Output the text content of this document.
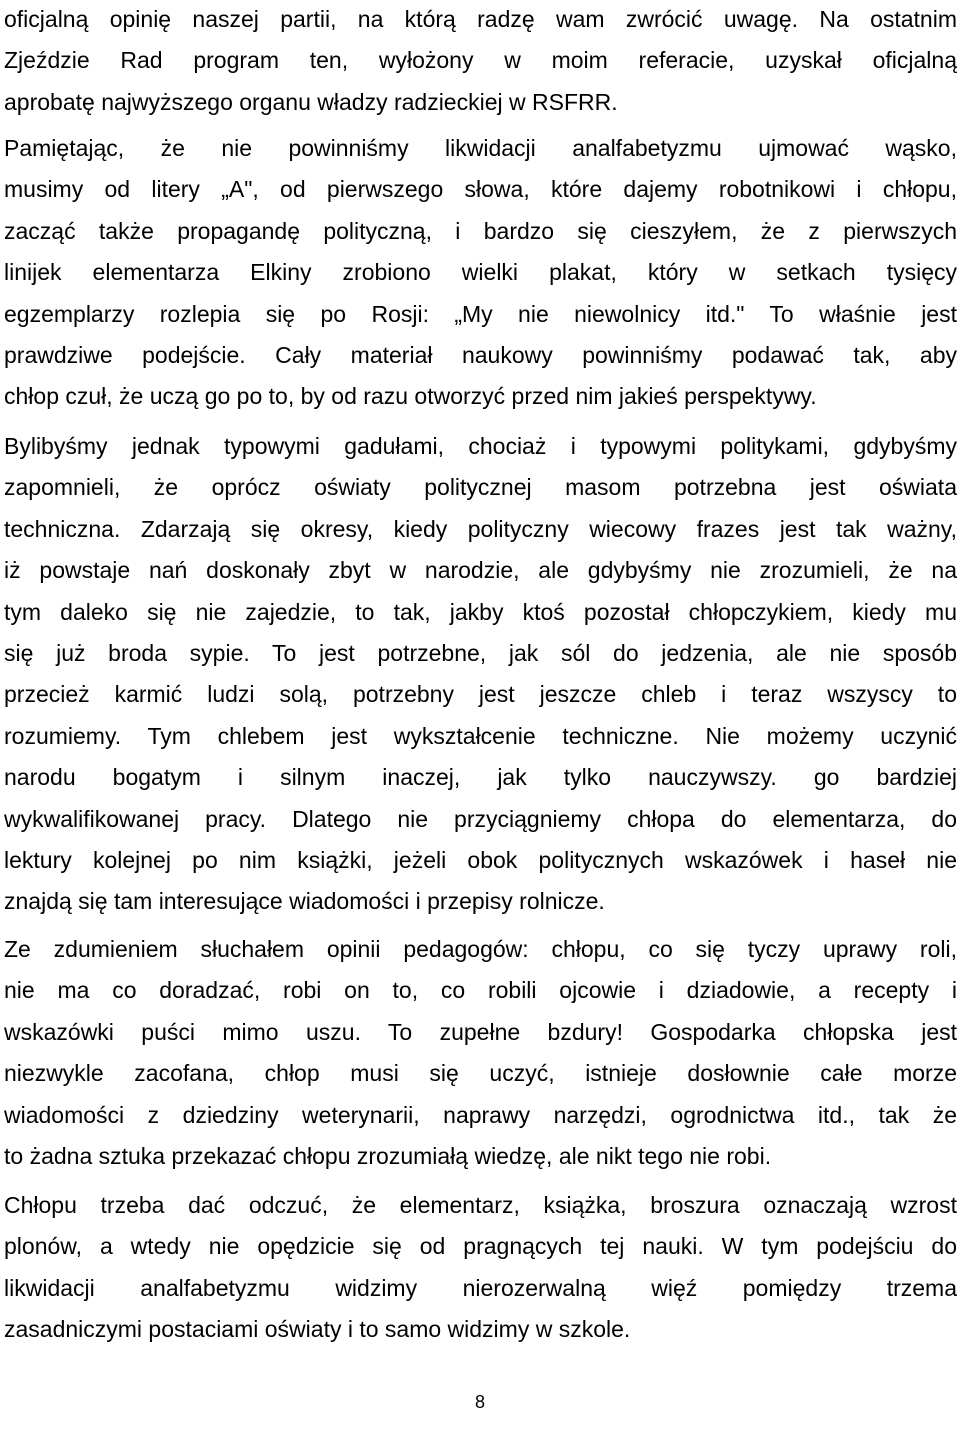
oficjalną opinię naszej partii, na którą radzę wam zwrócić uwagę. Na ostatnim
Zjeździe Rad program ten, wyłożony w moim referacie, uzyskał oficjalną
aprobatę najwyższego organu władzy radzieckiej w RSFRR.
Pamiętając, że nie powinniśmy likwidacji analfabetyzmu ujmować wąsko,
musimy od litery „A", od pierwszego słowa, które dajemy robotnikowi i chłopu,
zacząć także propagandę polityczną, i bardzo się cieszyłem, że z pierwszych
linijek elementarza Elkiny zrobiono wielki plakat, który w setkach tysięcy
egzemplarzy rozlepia się po Rosji: „My nie niewolnicy itd." To właśnie jest
prawdziwe podejście. Cały materiał naukowy powinniśmy podawać tak, aby
chłop czuł, że uczą go po to, by od razu otworzyć przed nim jakieś perspektywy.
Bylibyśmy jednak typowymi gadułami, chociaż i typowymi politykami, gdybyśmy
zapomnieli, że oprócz oświaty politycznej masom potrzebna jest oświata
techniczna. Zdarzają się okresy, kiedy polityczny wiecowy frazes jest tak ważny,
iż powstaje nań doskonały zbyt w narodzie, ale gdybyśmy nie zrozumieli, że na
tym daleko się nie zajedzie, to tak, jakby ktoś pozostał chłopczykiem, kiedy mu
się już broda sypie. To jest potrzebne, jak sól do jedzenia, ale nie sposób
przecież karmić ludzi solą, potrzebny jest jeszcze chleb i teraz wszyscy to
rozumiemy. Tym chlebem jest wykształcenie techniczne. Nie możemy uczynić
narodu bogatym i silnym inaczej, jak tylko nauczywszy. go bardziej
wykwalifikowanej pracy. Dlatego nie przyciągniemy chłopa do elementarza, do
lektury kolejnej po nim książki, jeżeli obok politycznych wskazówek i haseł nie
znajdą się tam interesujące wiadomości i przepisy rolnicze.
Ze zdumieniem słuchałem opinii pedagogów: chłopu, co się tyczy uprawy roli,
nie ma co doradzać, robi on to, co robili ojcowie i dziadowie, a recepty i
wskazówki puści mimo uszu. To zupełne bzdury! Gospodarka chłopska jest
niezwykle zacofana, chłop musi się uczyć, istnieje dosłownie całe morze
wiadomości z dziedziny weterynarii, naprawy narzędzi, ogrodnictwa itd., tak że
to żadna sztuka przekazać chłopu zrozumiałą wiedzę, ale nikt tego nie robi.
Chłopu trzeba dać odczuć, że elementarz, książka, broszura oznaczają wzrost
plonów, a wtedy nie opędzicie się od pragnących tej nauki. W tym podejściu do
likwidacji analfabetyzmu widzimy nierozerwalną więź pomiędzy trzema
zasadniczymi postaciami oświaty i to samo widzimy w szkole.
8
